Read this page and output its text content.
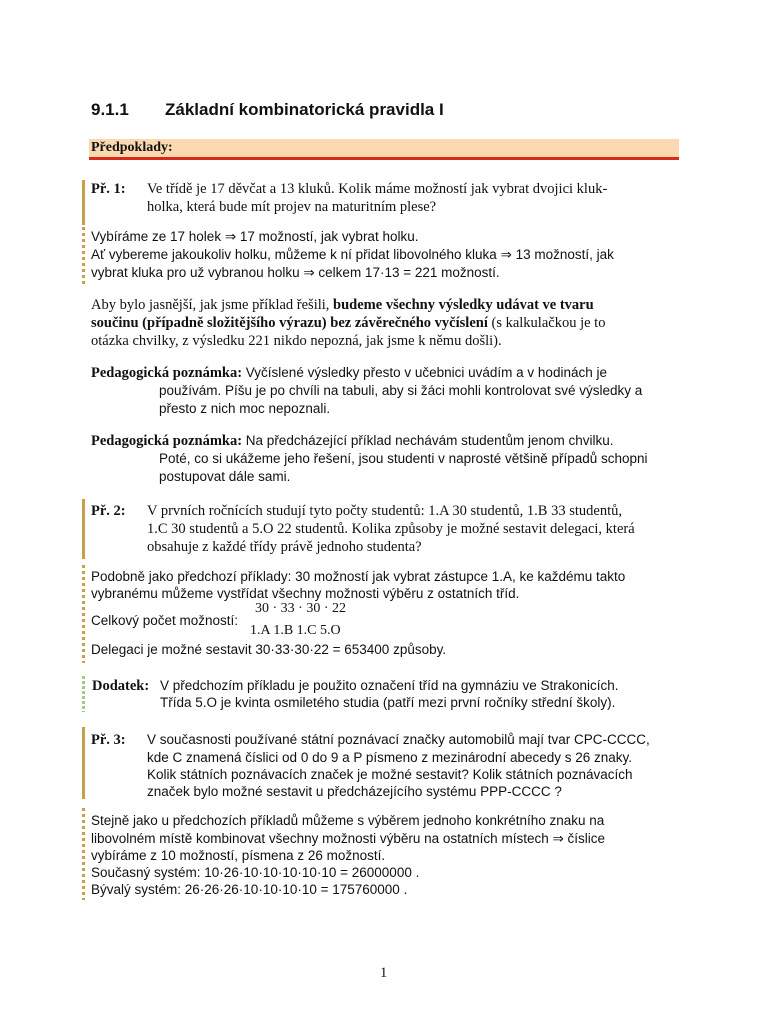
9.1.1 Základní kombinatorická pravidla I
Předpoklady:
Př. 1: Ve třídě je 17 děvčat a 13 kluků. Kolik máme možností jak vybrat dvojici kluk-
holka, která bude mít projev na maturitním plese?
Vybíráme ze 17 holek ⇒ 17 možností, jak vybrat holku.
Ať vybereme jakoukoliv holku, můžeme k ní přidat libovolného kluka ⇒ 13 možností, jak
vybrat kluka pro už vybranou holku ⇒ celkem 17·13 = 221 možností.
Aby bylo jasnější, jak jsme příklad řešili, budeme všechny výsledky udávat ve tvaru
součinu (případně složitějšího výrazu) bez závěrečného vyčíslení (s kalkulačkou je to
otázka chvilky, z výsledku 221 nikdo nepozná, jak jsme k němu došli).
Pedagogická poznámka: Vyčíslené výsledky přesto v učebnici uvádím a v hodinách je
používám. Píšu je po chvíli na tabuli, aby si žáci mohli kontrolovat své výsledky a
přesto z nich moc nepoznali.
Pedagogická poznámka: Na předcházející příklad nechávám studentům jenom chvilku.
Poté, co si ukážeme jeho řešení, jsou studenti v naprosté většině případů schopni
postupovat dále sami.
Př. 2: V prvních ročnících studují tyto počty studentů: 1.A 30 studentů, 1.B 33 studentů,
1.C 30 studentů a 5.O 22 studentů. Kolika způsoby je možné sestavit delegaci, která
obsahuje z každé třídy právě jednoho studenta?
Podobně jako předchozí příklady: 30 možností jak vybrat zástupce 1.A, ke každému takto
vybranému můžeme vystřídat všechny možnosti výběru z ostatních tříd.
Celkový počet možností:
30 · 33 · 30 · 22
1.A 1.B 1.C 5.O
Delegaci je možné sestavit 30·33·30·22 = 653400 způsoby.
Dodatek: V předchozím příkladu je použito označení tříd na gymnáziu ve Strakonicích.
Třída 5.O je kvinta osmiletého studia (patří mezi první ročníky střední školy).
Př. 3: V současnosti používané státní poznávací značky automobilů mají tvar CPC-CCCC,
kde C znamená číslici od 0 do 9 a P písmeno z mezinárodní abecedy s 26 znaky.
Kolik státních poznávacích značek je možné sestavit? Kolik státních poznávacích
značek bylo možné sestavit u předcházejícího systému PPP-CCCC ?
Stejně jako u předchozích příkladů můžeme s výběrem jednoho konkrétního znaku na
libovolném místě kombinovat všechny možnosti výběru na ostatních místech ⇒ číslice
vybíráme z 10 možností, písmena z 26 možností.
Současný systém: 10·26·10·10·10·10·10 = 26000000 .
Bývalý systém: 26·26·26·10·10·10·10 = 175760000 .
1
